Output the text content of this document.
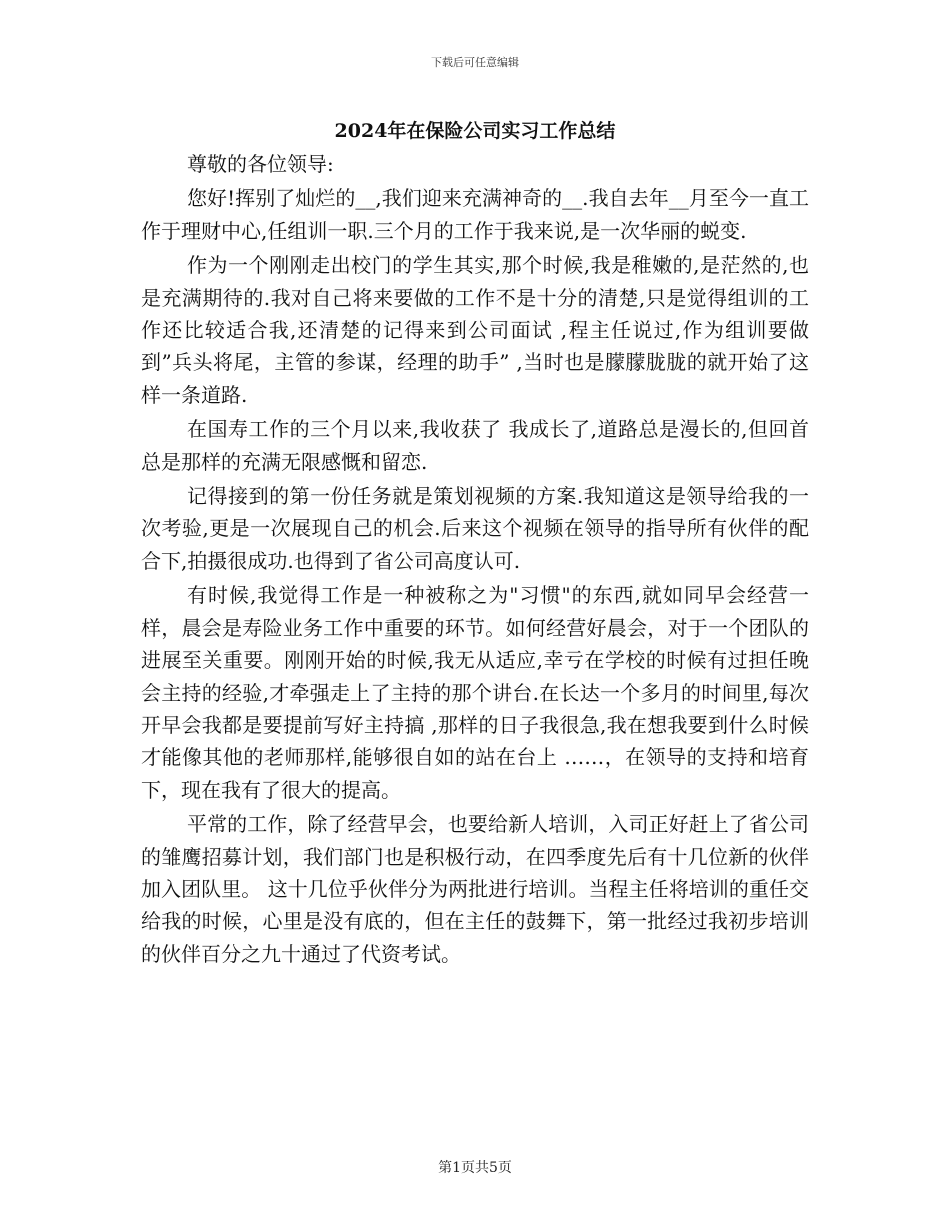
下载后可任意编辑
2024年在保险公司实习工作总结

尊敬的各位领导:

您好!挥别了灿烂的__,我们迎来充满神奇的__.我自去年__月至今一直工作于理财中心,任组训一职.三个月的工作于我来说,是一次华丽的蜕变.

作为一个刚刚走出校门的学生其实,那个时候,我是稚嫩的,是茫然的,也是充满期待的.我对自己将来要做的工作不是十分的清楚,只是觉得组训的工作还比较适合我,还清楚的记得来到公司面试 ,程主任说过,作为组训要做到”兵头将尾，主管的参谋，经理的助手” ,当时也是朦朦胧胧的就开始了这样一条道路.

在国寿工作的三个月以来,我收获了 我成长了,道路总是漫长的,但回首总是那样的充满无限感慨和留恋.

记得接到的第一份任务就是策划视频的方案.我知道这是领导给我的一次考验,更是一次展现自己的机会.后来这个视频在领导的指导所有伙伴的配合下,拍摄很成功.也得到了省公司高度认可.

有时候,我觉得工作是一种被称之为"习惯"的东西,就如同早会经营一样，晨会是寿险业务工作中重要的环节。如何经营好晨会，对于一个团队的进展至关重要。刚刚开始的时候,我无从适应,幸亏在学校的时候有过担任晚会主持的经验,才牵强走上了主持的那个讲台.在长达一个多月的时间里,每次开早会我都是要提前写好主持搞 ,那样的日子我很急,我在想我要到什么时候才能像其他的老师那样,能够很自如的站在台上 ……，在领导的支持和培育下，现在我有了很大的提高。

平常的工作，除了经营早会，也要给新人培训，入司正好赶上了省公司的雏鹰招募计划，我们部门也是积极行动，在四季度先后有十几位新的伙伴加入团队里。 这十几位乎伙伴分为两批进行培训。当程主任将培训的重任交给我的时候，心里是没有底的，但在主任的鼓舞下，第一批经过我初步培训的伙伴百分之九十通过了代资考试。

第1页共5页
